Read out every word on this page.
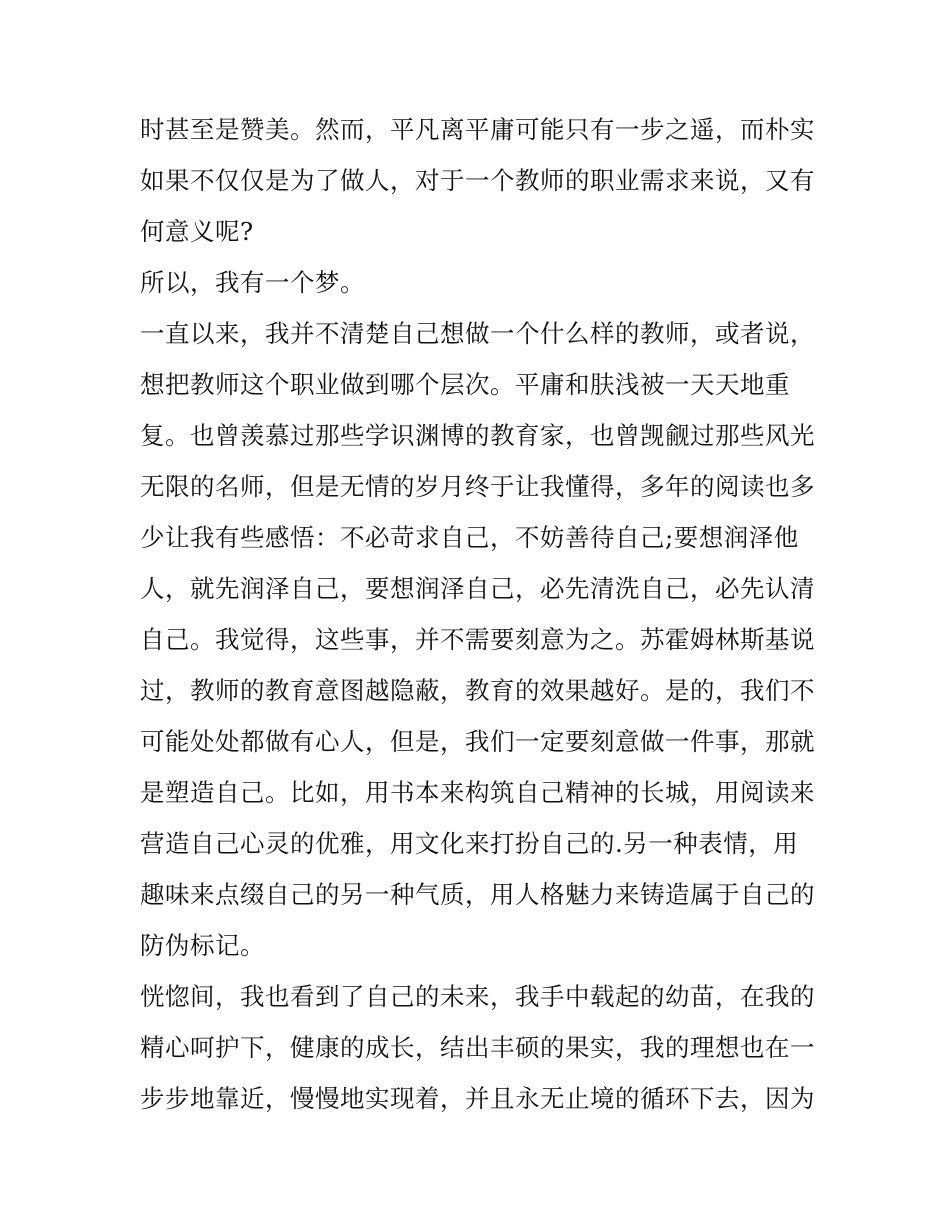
时甚至是赞美。然而，平凡离平庸可能只有一步之遥，而朴实
如果不仅仅是为了做人，对于一个教师的职业需求来说，又有
何意义呢?
所以，我有一个梦。
一直以来，我并不清楚自己想做一个什么样的教师，或者说，
想把教师这个职业做到哪个层次。平庸和肤浅被一天天地重
复。也曾羡慕过那些学识渊博的教育家，也曾觊觎过那些风光
无限的名师，但是无情的岁月终于让我懂得，多年的阅读也多
少让我有些感悟：不必苛求自己，不妨善待自己;要想润泽他
人，就先润泽自己，要想润泽自己，必先清洗自己，必先认清
自己。我觉得，这些事，并不需要刻意为之。苏霍姆林斯基说
过，教师的教育意图越隐蔽，教育的效果越好。是的，我们不
可能处处都做有心人，但是，我们一定要刻意做一件事，那就
是塑造自己。比如，用书本来构筑自己精神的长城，用阅读来
营造自己心灵的优雅，用文化来打扮自己的.另一种表情，用
趣味来点缀自己的另一种气质，用人格魅力来铸造属于自己的
防伪标记。
恍惚间，我也看到了自己的未来，我手中载起的幼苗，在我的
精心呵护下，健康的成长，结出丰硕的果实，我的理想也在一
步步地靠近，慢慢地实现着，并且永无止境的循环下去，因为
